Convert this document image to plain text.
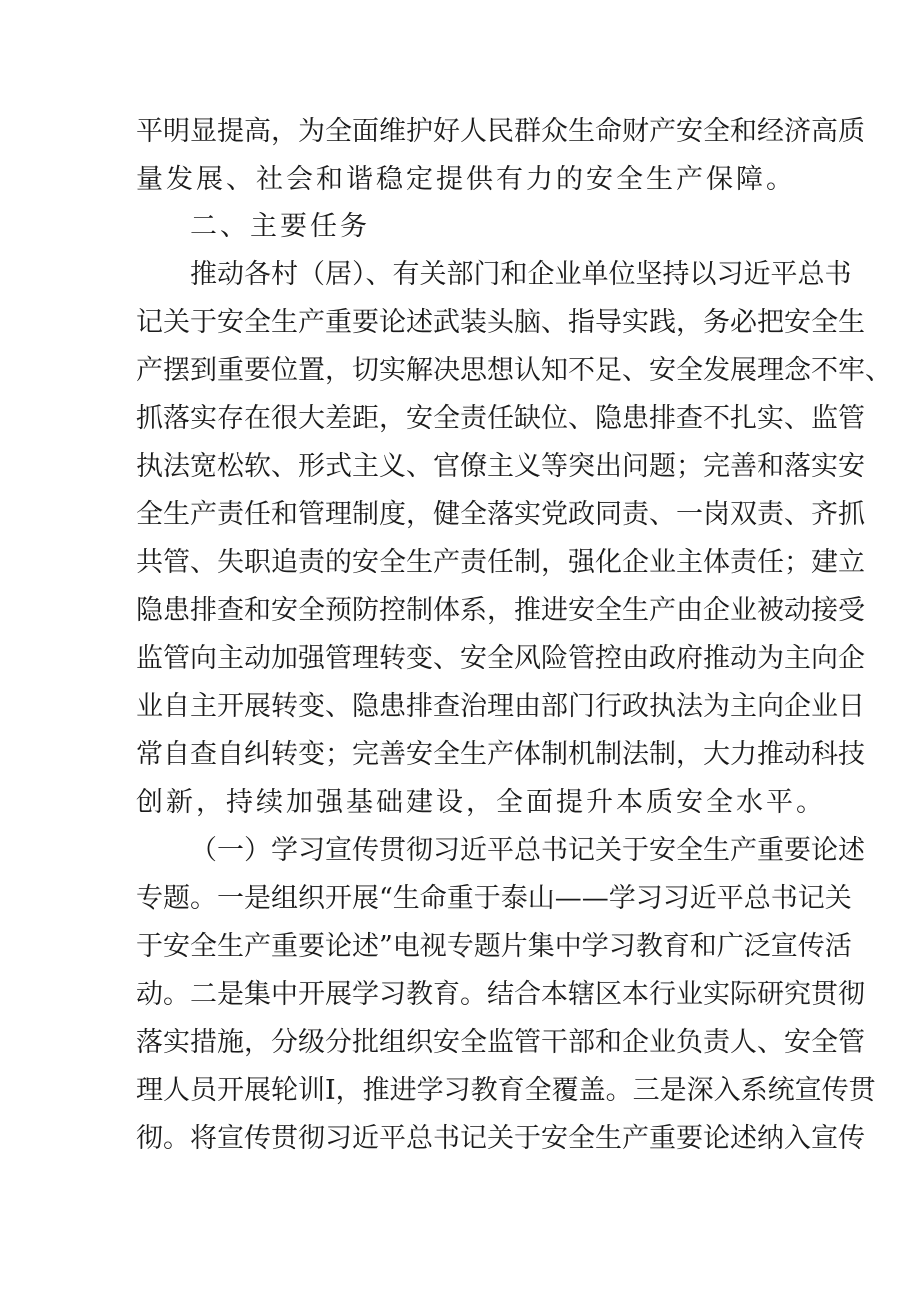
平明显提高，为全面维护好人民群众生命财产安全和经济高质
量发展、社会和谐稳定提供有力的安全生产保障。
二、主要任务
推动各村（居）、有关部门和企业单位坚持以习近平总书
记关于安全生产重要论述武装头脑、指导实践，务必把安全生
产摆到重要位置，切实解决思想认知不足、安全发展理念不牢、
抓落实存在很大差距，安全责任缺位、隐患排查不扎实、监管
执法宽松软、形式主义、官僚主义等突出问题；完善和落实安
全生产责任和管理制度，健全落实党政同责、一岗双责、齐抓
共管、失职追责的安全生产责任制，强化企业主体责任；建立
隐患排查和安全预防控制体系，推进安全生产由企业被动接受
监管向主动加强管理转变、安全风险管控由政府推动为主向企
业自主开展转变、隐患排查治理由部门行政执法为主向企业日
常自查自纠转变；完善安全生产体制机制法制，大力推动科技
创新，持续加强基础建设，全面提升本质安全水平。
（一）学习宣传贯彻习近平总书记关于安全生产重要论述
专题。一是组织开展“生命重于泰山——学习习近平总书记关
于安全生产重要论述”电视专题片集中学习教育和广泛宣传活
动。二是集中开展学习教育。结合本辖区本行业实际研究贯彻
落实措施，分级分批组织安全监管干部和企业负责人、安全管
理人员开展轮训I，推进学习教育全覆盖。三是深入系统宣传贯
彻。将宣传贯彻习近平总书记关于安全生产重要论述纳入宣传
